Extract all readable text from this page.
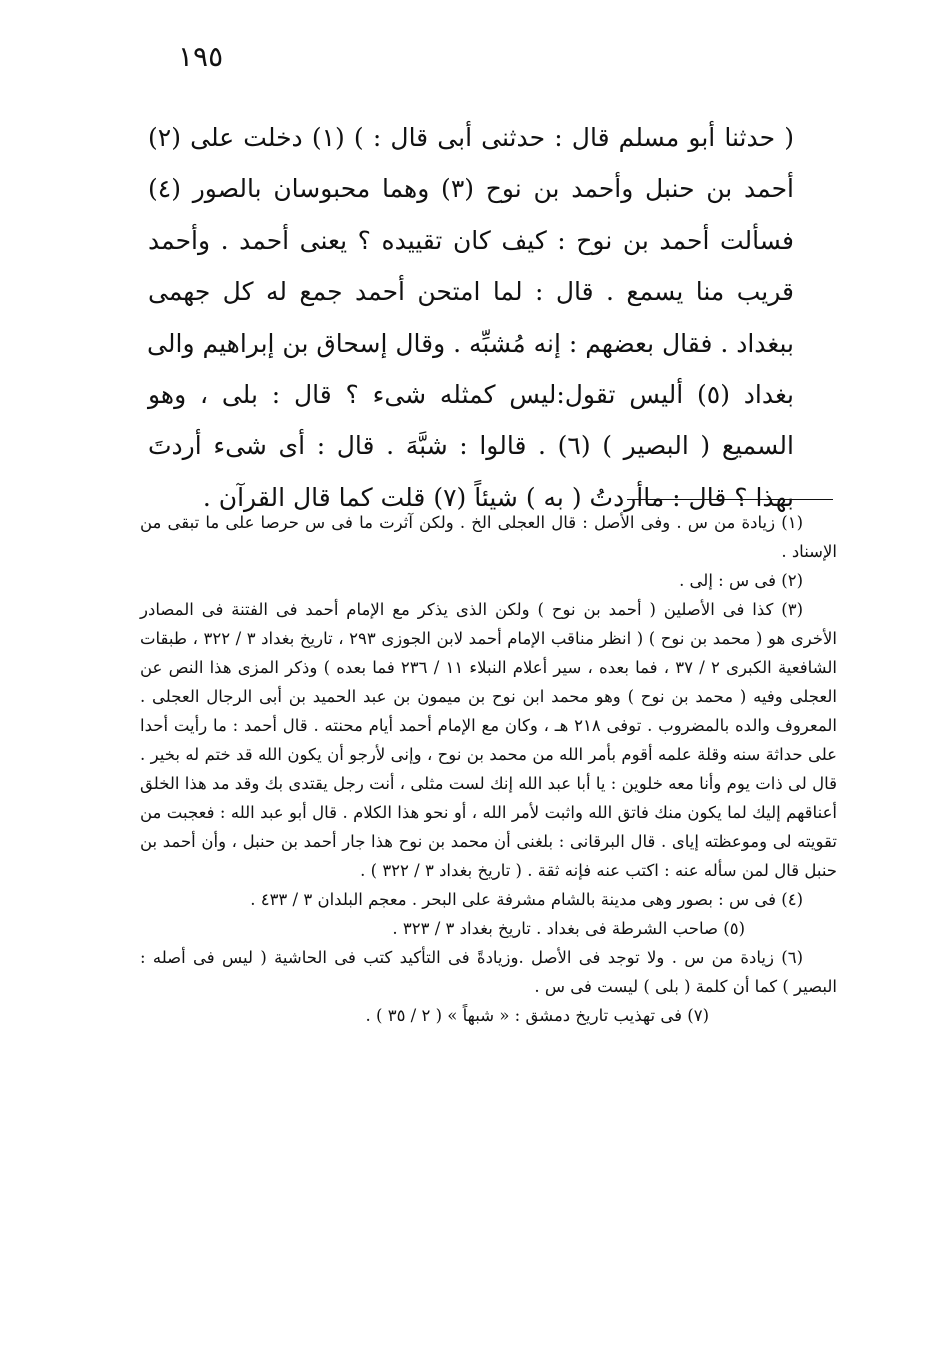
١٩٥
( حدثنا أبو مسلم قال : حدثنى أبى قال : ) (١) دخلت على (٢)
أحمد بن حنبل وأحمد بن نوح (٣) وهما محبوسان بالصور (٤)
فسألت أحمد بن نوح : كيف كان تقييده ؟ يعنى أحمد . وأحمد
قريب منا يسمع . قال : لما امتحن أحمد جمع له كل جهمى
ببغداد . فقال بعضهم : إنه مُشبِّه . وقال إسحاق بن إبراهيم والى
بغداد (٥) أليس تقول:ليس كمثله شىء ؟ قال : بلى ، وهو
السميع ( البصير ) (٦) . قالوا : شبَّهَ . قال : أى شىء أردتَ
بهذا ؟ قال : ماأردتُ ( به ) شيئاً (٧) قلت كما قال القرآن .

(١) زيادة من س . وفى الأصل : قال العجلى الخ . ولكن آثرت ما فى س حرصا على ما تبقى من الإسناد .

(٢) فى س : إلى .

(٣) كذا فى الأصلين ( أحمد بن نوح ) ولكن الذى يذكر مع الإمام أحمد فى الفتنة فى المصادر الأخرى هو ( محمد بن نوح ) ( انظر مناقب الإمام أحمد لابن الجوزى ٢٩٣ ، تاريخ بغداد ٣ / ٣٢٢ ، طبقات الشافعية الكبرى ٢ / ٣٧ ، فما بعده ، سير أعلام النبلاء ١١ / ٢٣٦ فما بعده ) وذكر المزى هذا النص عن العجلى وفيه ( محمد بن نوح ) وهو محمد ابن نوح بن ميمون بن عبد الحميد بن أبى الرجال العجلى . المعروف والده بالمضروب . توفى ٢١٨ هـ ، وكان مع الإمام أحمد أيام محنته . قال أحمد : ما رأيت أحدا على حداثة سنه وقلة علمه أقوم بأمر الله من محمد بن نوح ، وإنى لأرجو أن يكون الله قد ختم له بخير . قال لى ذات يوم وأنا معه خلوين : يا أبا عبد الله إنك لست مثلى ، أنت رجل يقتدى بك وقد مد هذا الخلق أعناقهم إليك لما يكون منك فاتق الله واثبت لأمر الله ، أو نحو هذا الكلام . قال أبو عبد الله : فعجبت من تقويته لى وموعظته إياى . قال البرقانى : بلغنى أن محمد بن نوح هذا جار أحمد بن حنبل ، وأن أحمد بن حنبل قال لمن سأله عنه : اكتب عنه فإنه ثقة . ( تاريخ بغداد ٣ / ٣٢٢ ) .

(٤) فى س : بصور وهى مدينة بالشام مشرفة على البحر . معجم البلدان ٣ / ٤٣٣ .

(٥) صاحب الشرطة فى بغداد . تاريخ بغداد ٣ / ٣٢٣ .

(٦) زيادة من س . ولا توجد فى الأصل .وزيادةً فى التأكيد كتب فى الحاشية ( ليس فى أصله : البصير ) كما أن كلمة ( بلى ) ليست فى س .

(٧) فى تهذيب تاريخ دمشق : « شبهاً » ( ٢ / ٣٥ ) .
